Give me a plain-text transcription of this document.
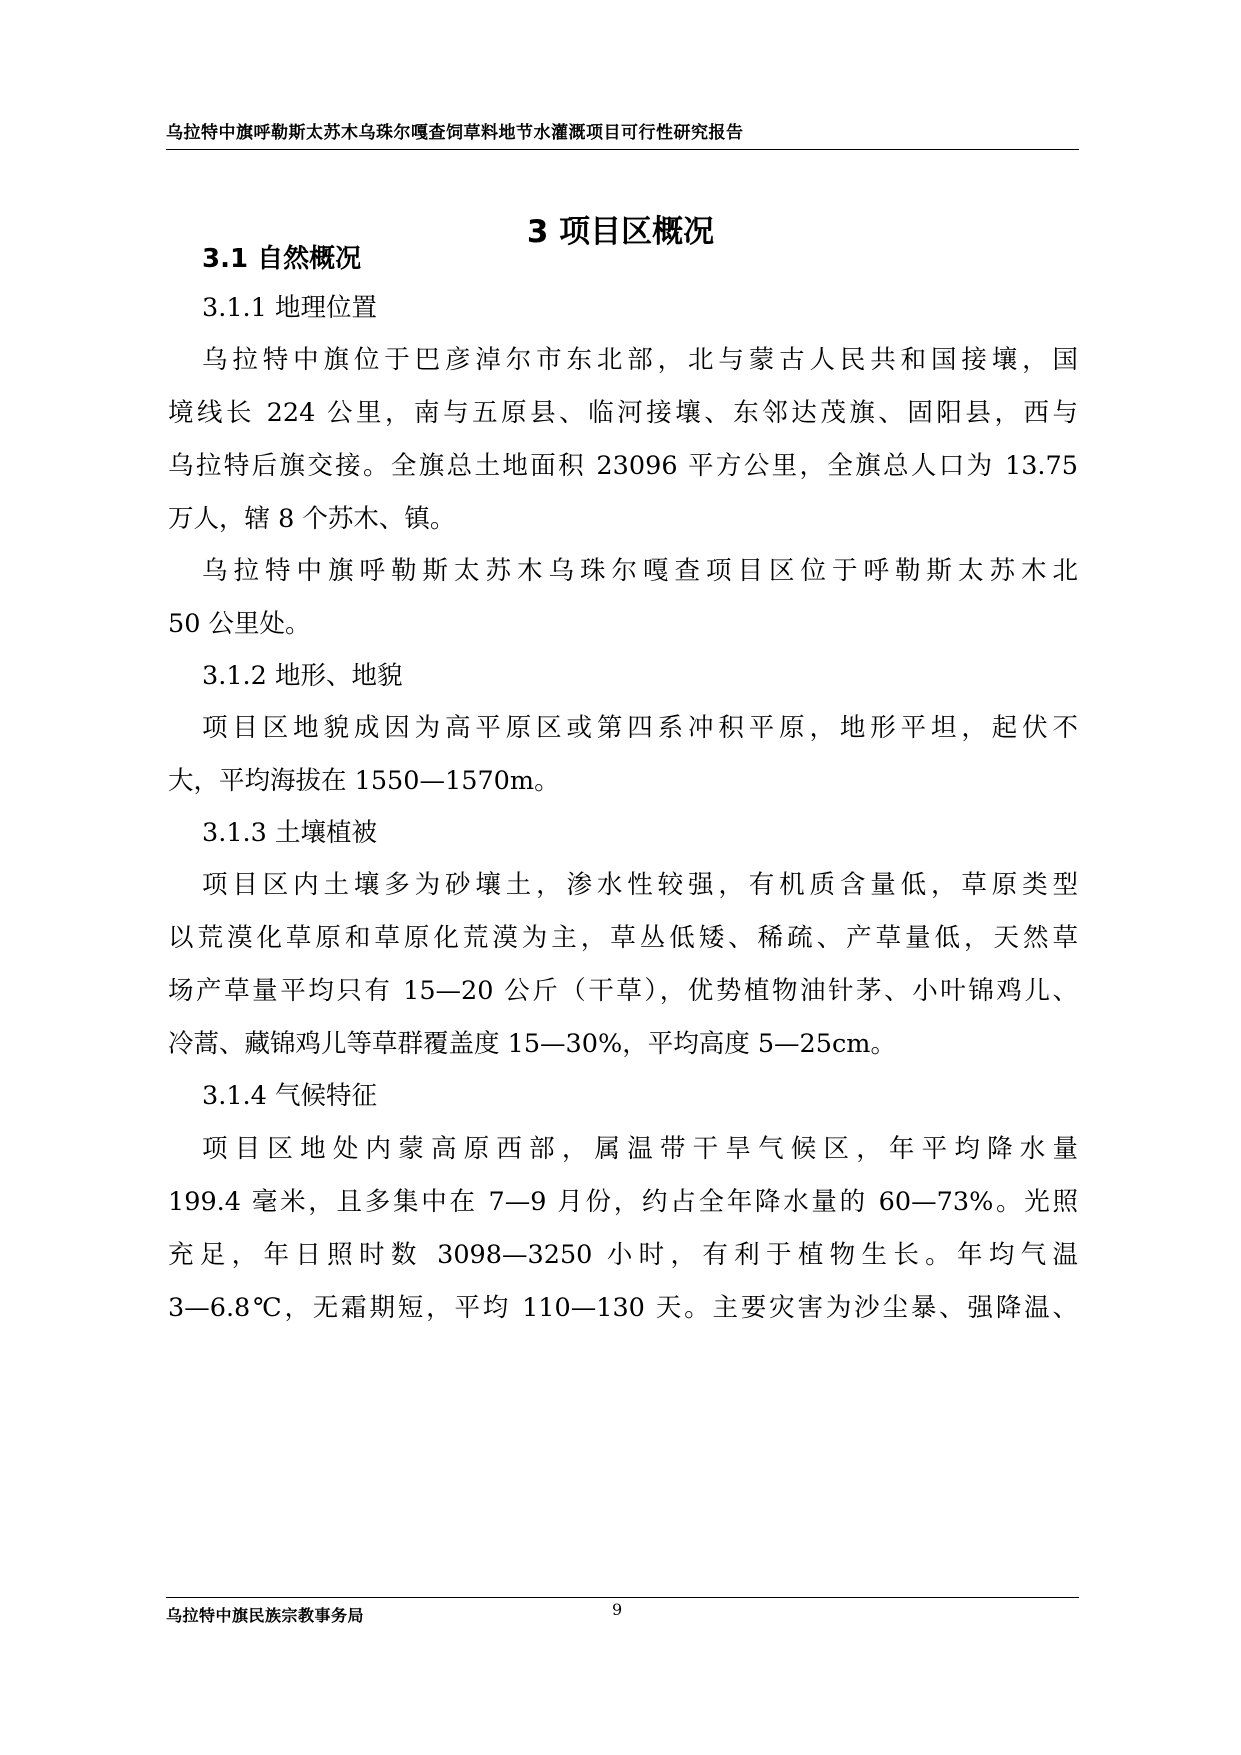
乌拉特中旗呼勒斯太苏木乌珠尔嘎查饲草料地节水灌溉项目可行性研究报告
3 项目区概况
3.1 自然概况
3.1.1 地理位置
乌拉特中旗位于巴彦淖尔市东北部，北与蒙古人民共和国接壤，国
境线长 224 公里，南与五原县、临河接壤、东邻达茂旗、固阳县，西与
乌拉特后旗交接。全旗总土地面积 23096 平方公里，全旗总人口为 13.75
万人，辖 8 个苏木、镇。
乌拉特中旗呼勒斯太苏木乌珠尔嘎查项目区位于呼勒斯太苏木北
50 公里处。
3.1.2 地形、地貌
项目区地貌成因为高平原区或第四系冲积平原，地形平坦，起伏不
大，平均海拔在 1550—1570m。
3.1.3 土壤植被
项目区内土壤多为砂壤土，渗水性较强，有机质含量低，草原类型
以荒漠化草原和草原化荒漠为主，草丛低矮、稀疏、产草量低，天然草
场产草量平均只有 15—20 公斤（干草），优势植物油针茅、小叶锦鸡儿、
冷蒿、藏锦鸡儿等草群覆盖度 15—30%，平均高度 5—25cm。
3.1.4 气候特征
项目区地处内蒙高原西部，属温带干旱气候区，年平均降水量
199.4 毫米，且多集中在 7—9 月份，约占全年降水量的 60—73%。光照
充足，年日照时数 3098—3250 小时，有利于植物生长。年均气温
3—6.8℃，无霜期短，平均 110—130 天。主要灾害为沙尘暴、强降温、
乌拉特中旗民族宗教事务局	9
